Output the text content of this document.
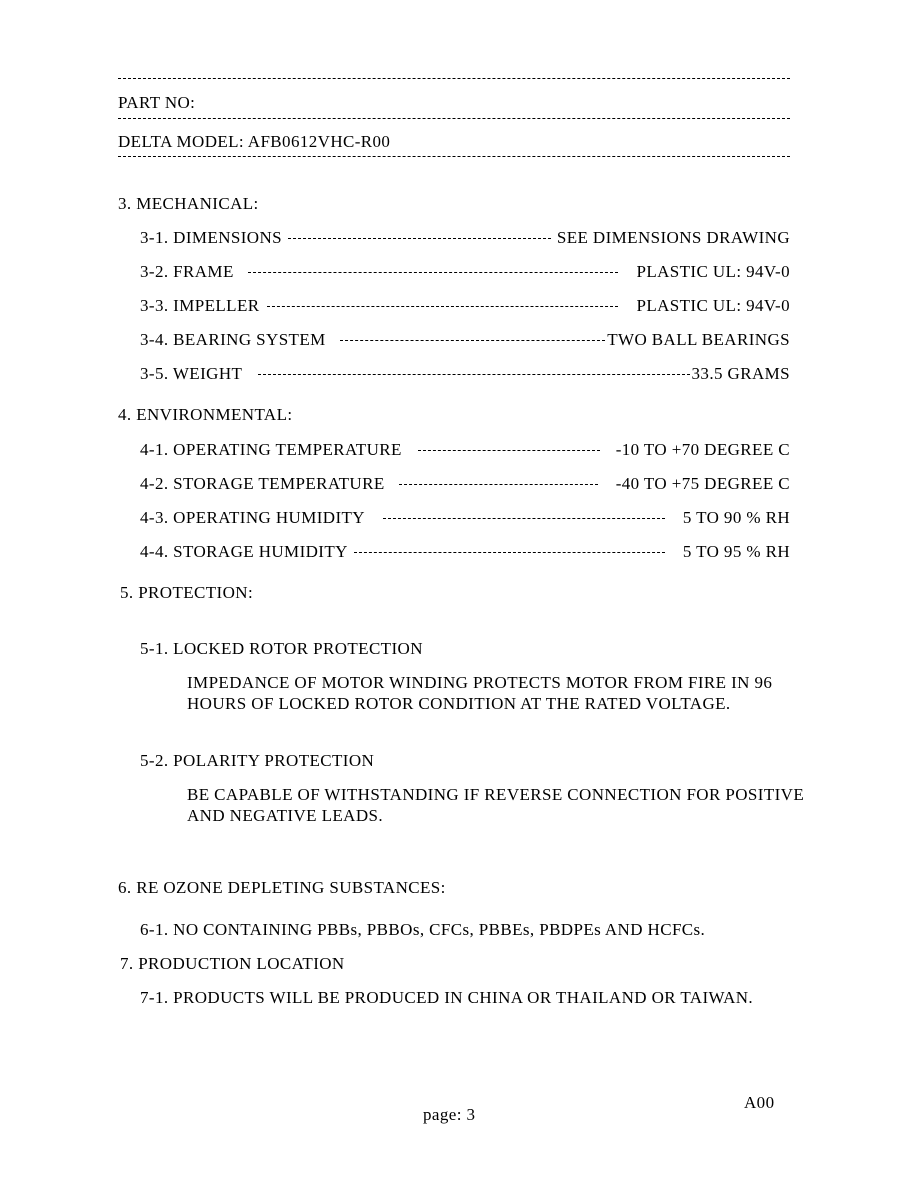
PART NO:
DELTA MODEL: AFB0612VHC-R00
3. MECHANICAL:
3-1. DIMENSIONS	SEE DIMENSIONS DRAWING
3-2. FRAME	PLASTIC UL: 94V-0
3-3. IMPELLER	PLASTIC UL: 94V-0
3-4. BEARING SYSTEM	TWO BALL BEARINGS
3-5. WEIGHT	33.5 GRAMS
4. ENVIRONMENTAL:
4-1. OPERATING TEMPERATURE	-10 TO +70 DEGREE C
4-2. STORAGE TEMPERATURE	-40 TO +75 DEGREE C
4-3. OPERATING HUMIDITY	5 TO 90 % RH
4-4. STORAGE HUMIDITY	5 TO 95 % RH
5. PROTECTION:
5-1. LOCKED ROTOR PROTECTION
IMPEDANCE OF MOTOR WINDING PROTECTS MOTOR FROM FIRE IN 96
HOURS OF LOCKED ROTOR CONDITION AT THE RATED VOLTAGE.
5-2. POLARITY PROTECTION
BE CAPABLE OF WITHSTANDING IF REVERSE CONNECTION FOR POSITIVE
AND NEGATIVE LEADS.
6. RE OZONE DEPLETING SUBSTANCES:
6-1. NO CONTAINING PBBs, PBBOs, CFCs, PBBEs, PBDPEs AND HCFCs.
7. PRODUCTION LOCATION
7-1. PRODUCTS WILL BE PRODUCED IN CHINA OR THAILAND OR TAIWAN.
A00
page: 3
